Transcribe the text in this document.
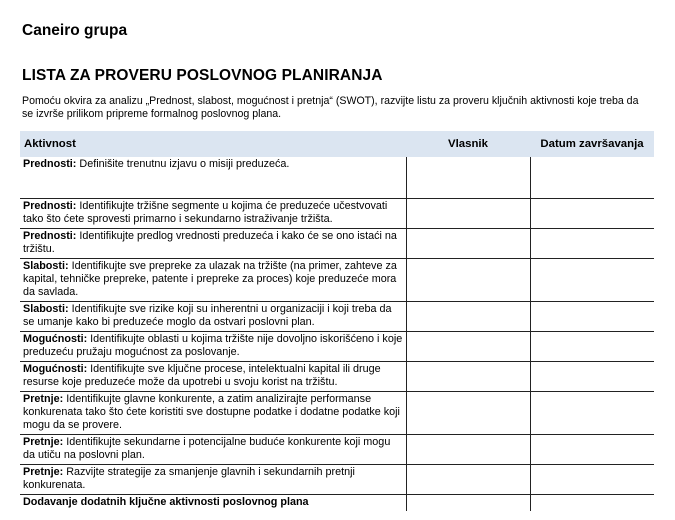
Caneiro grupa
LISTA ZA PROVERU POSLOVNOG PLANIRANJA
Pomoću okvira za analizu „Prednost, slabost, mogućnost i pretnja“ (SWOT), razvijte listu za proveru ključnih aktivnosti koje treba da se izvrše prilikom pripreme formalnog poslovnog plana.
Aktivnost	Vlasnik	Datum završavanja
Prednosti: Definišite trenutnu izjavu o misiji preduzeća.		
Prednosti: Identifikujte tržišne segmente u kojima će preduzeće učestvovati tako što ćete sprovesti primarno i sekundarno istraživanje tržišta.		
Prednosti: Identifikujte predlog vrednosti preduzeća i kako će se ono istaći na tržištu.		
Slabosti: Identifikujte sve prepreke za ulazak na tržište (na primer, zahteve za kapital, tehničke prepreke, patente i prepreke za proces) koje preduzeće mora da savlada.		
Slabosti: Identifikujte sve rizike koji su inherentni u organizaciji i koji treba da se umanje kako bi preduzeće moglo da ostvari poslovni plan.		
Mogućnosti: Identifikujte oblasti u kojima tržište nije dovoljno iskorišćeno i koje preduzeću pružaju mogućnost za poslovanje.		
Mogućnosti: Identifikujte sve ključne procese, intelektualni kapital ili druge resurse koje preduzeće može da upotrebi u svoju korist na tržištu.		
Pretnje: Identifikujte glavne konkurente, a zatim analizirajte performanse konkurenata tako što ćete koristiti sve dostupne podatke i dodatne podatke koji mogu da se provere.		
Pretnje: Identifikujte sekundarne i potencijalne buduće konkurente koji mogu da utiču na poslovni plan.		
Pretnje: Razvijte strategije za smanjenje glavnih i sekundarnih pretnji konkurenata.		
Dodavanje dodatnih ključne aktivnosti poslovnog plana		
